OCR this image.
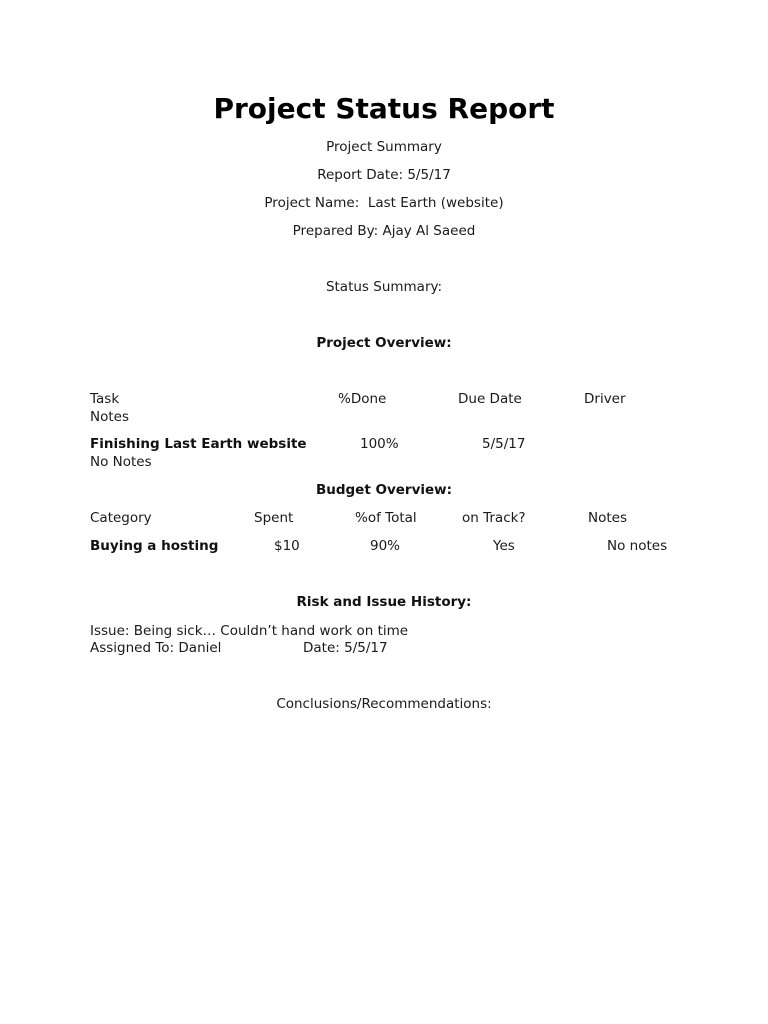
Project Status Report
Project Summary
Report Date: 5/5/17
Project Name:  Last Earth (website)
Prepared By: Ajay Al Saeed
Status Summary:
Project Overview:
Task	%Done	Due Date	Driver
Notes
Finishing Last Earth website	100%	5/5/17
No Notes
Budget Overview:
Category	Spent	%of Total	on Track?	Notes
Buying a hosting	$10	90%	Yes	No notes
Risk and Issue History:
Issue: Being sick… Couldn’t hand work on time
Assigned To: Daniel	Date: 5/5/17
Conclusions/Recommendations:
